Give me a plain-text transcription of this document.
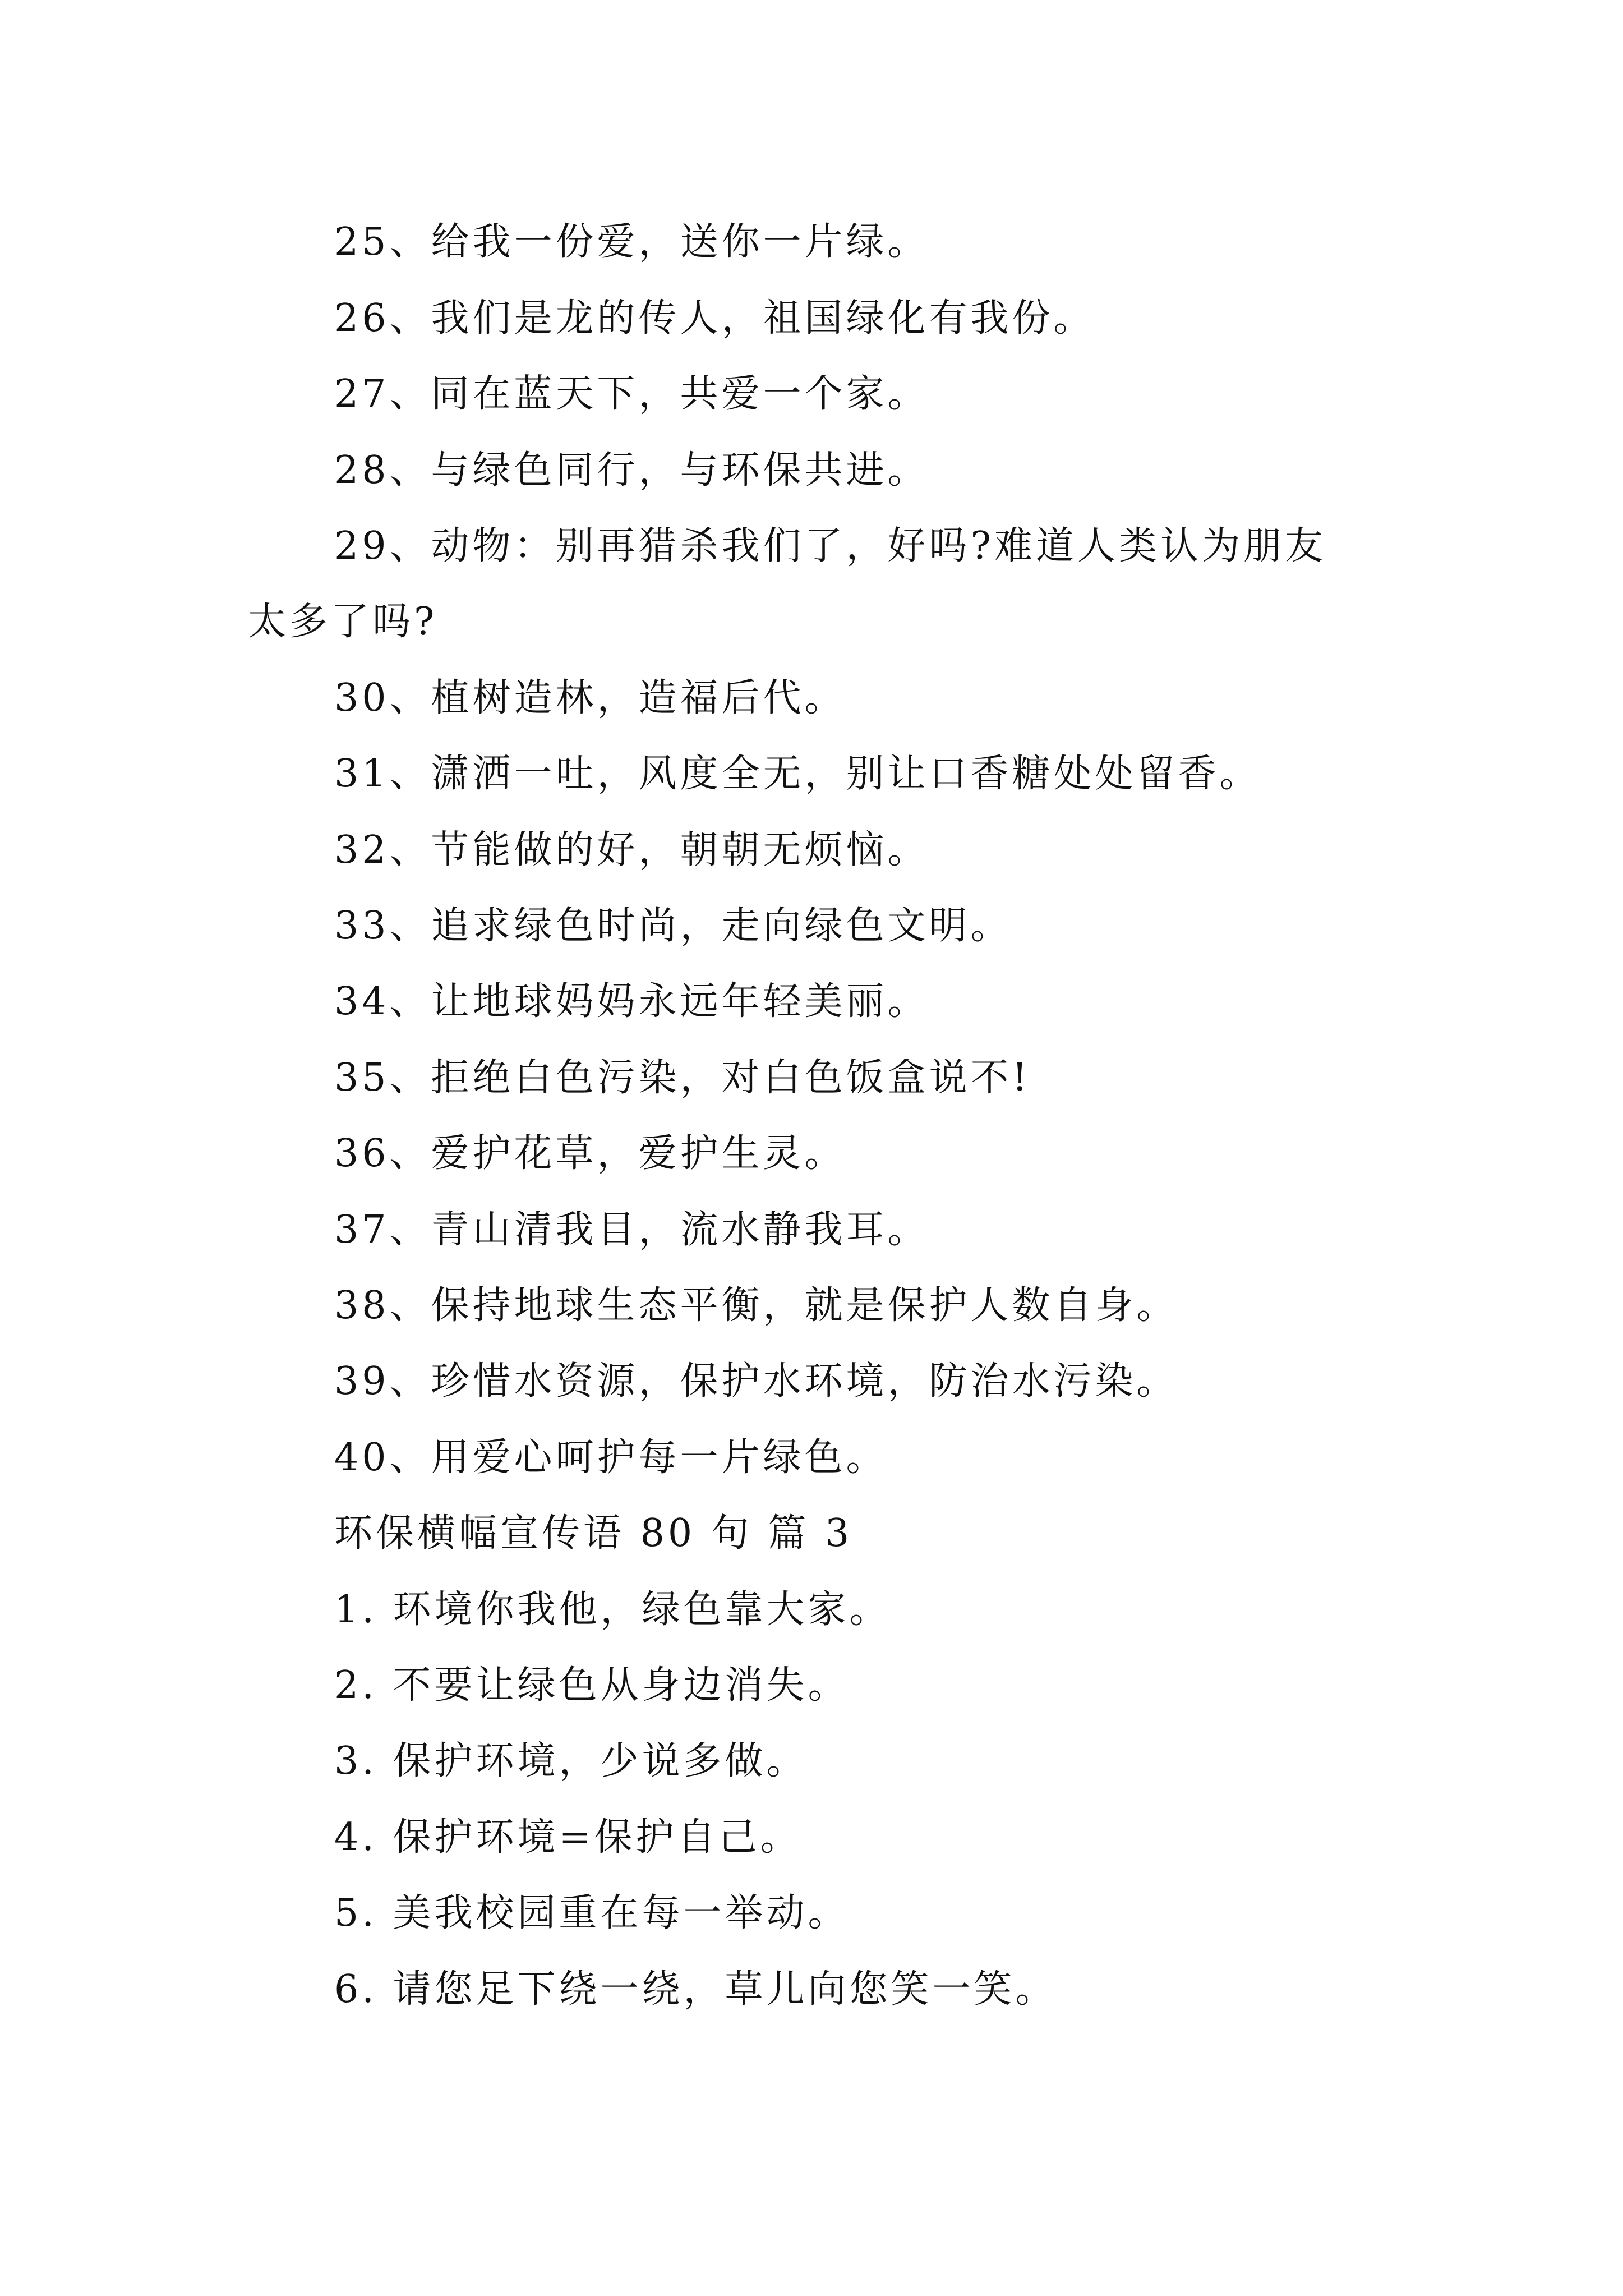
25、给我一份爱，送你一片绿。
26、我们是龙的传人，祖国绿化有我份。
27、同在蓝天下，共爱一个家。
28、与绿色同行，与环保共进。
29、动物：别再猎杀我们了，好吗?难道人类认为朋友
太多了吗?
30、植树造林，造福后代。
31、潇洒一吐，风度全无，别让口香糖处处留香。
32、节能做的好，朝朝无烦恼。
33、追求绿色时尚，走向绿色文明。
34、让地球妈妈永远年轻美丽。
35、拒绝白色污染，对白色饭盒说不!
36、爱护花草，爱护生灵。
37、青山清我目，流水静我耳。
38、保持地球生态平衡，就是保护人数自身。
39、珍惜水资源，保护水环境，防治水污染。
40、用爱心呵护每一片绿色。
环保横幅宣传语 80 句 篇 3
1. 环境你我他，绿色靠大家。
2. 不要让绿色从身边消失。
3. 保护环境，少说多做。
4. 保护环境=保护自己。
5. 美我校园重在每一举动。
6. 请您足下绕一绕，草儿向您笑一笑。
